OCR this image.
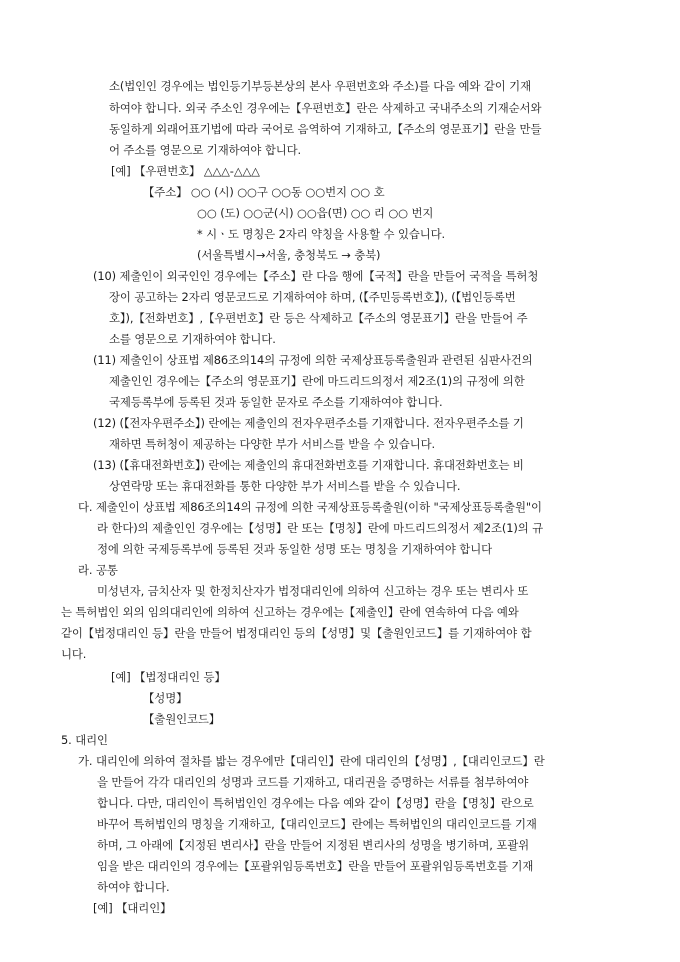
소(법인인 경우에는 법인등기부등본상의 본사 우편번호와 주소)를 다음 예와 같이 기재
하여야 합니다. 외국 주소인 경우에는【우편번호】란은 삭제하고 국내주소의 기재순서와
동일하게 외래어표기법에 따라 국어로 음역하여 기재하고,【주소의 영문표기】란을 만들
어 주소를 영문으로 기재하여야 합니다.
[예] 【우편번호】 △△△-△△△
【주소】 ○○ (시) ○○구 ○○동 ○○번지 ○○ 호
○○ (도) ○○군(시) ○○읍(면) ○○ 리 ○○ 번지
* 시ㆍ도 명칭은 2자리 약칭을 사용할 수 있습니다.
(서울특별시→서울, 충청북도 → 충북)
(10) 제출인이 외국인인 경우에는【주소】란 다음 행에【국적】란을 만들어 국적을 특허청
장이 공고하는 2자리 영문코드로 기재하여야 하며, (【주민등록번호】), (【법인등록번
호】),【전화번호】,【우편번호】란 등은 삭제하고【주소의 영문표기】란을 만들어 주
소를 영문으로 기재하여야 합니다.
(11) 제출인이 상표법 제86조의14의 규정에 의한 국제상표등록출원과 관련된 심판사건의
제출인인 경우에는【주소의 영문표기】란에 마드리드의정서 제2조(1)의 규정에 의한
국제등록부에 등록된 것과 동일한 문자로 주소를 기재하여야 합니다.
(12) (【전자우편주소】) 란에는 제출인의 전자우편주소를 기재합니다. 전자우편주소를 기
재하면 특허청이 제공하는 다양한 부가 서비스를 받을 수 있습니다.
(13) (【휴대전화번호】) 란에는 제출인의 휴대전화번호를 기재합니다. 휴대전화번호는 비
상연락망 또는 휴대전화를 통한 다양한 부가 서비스를 받을 수 있습니다.
다. 제출인이 상표법 제86조의14의 규정에 의한 국제상표등록출원(이하 "국제상표등록출원"이
라 한다)의 제출인인 경우에는【성명】란 또는【명칭】란에 마드리드의정서 제2조(1)의 규
정에 의한 국제등록부에 등록된 것과 동일한 성명 또는 명칭을 기재하여야 합니다
라. 공통
미성년자, 금치산자 및 한정치산자가 법정대리인에 의하여 신고하는 경우 또는 변리사 또
는 특허법인 외의 임의대리인에 의하여 신고하는 경우에는【제출인】란에 연속하여 다음 예와
같이【법정대리인 등】란을 만들어 법정대리인 등의【성명】및【출원인코드】를 기재하여야 합
니다.
[예] 【법정대리인 등】
【성명】
【출원인코드】
5. 대리인
가. 대리인에 의하여 절차를 밟는 경우에만【대리인】란에 대리인의【성명】,【대리인코드】란
을 만들어 각각 대리인의 성명과 코드를 기재하고, 대리권을 증명하는 서류를 첨부하여야
합니다. 다만, 대리인이 특허법인인 경우에는 다음 예와 같이【성명】란을【명칭】란으로
바꾸어 특허법인의 명칭을 기재하고,【대리인코드】란에는 특허법인의 대리인코드를 기재
하며, 그 아래에【지정된 변리사】란을 만들어 지정된 변리사의 성명을 병기하며, 포괄위
임을 받은 대리인의 경우에는【포괄위임등록번호】란을 만들어 포괄위임등록번호를 기재
하여야 합니다.
[예] 【대리인】
